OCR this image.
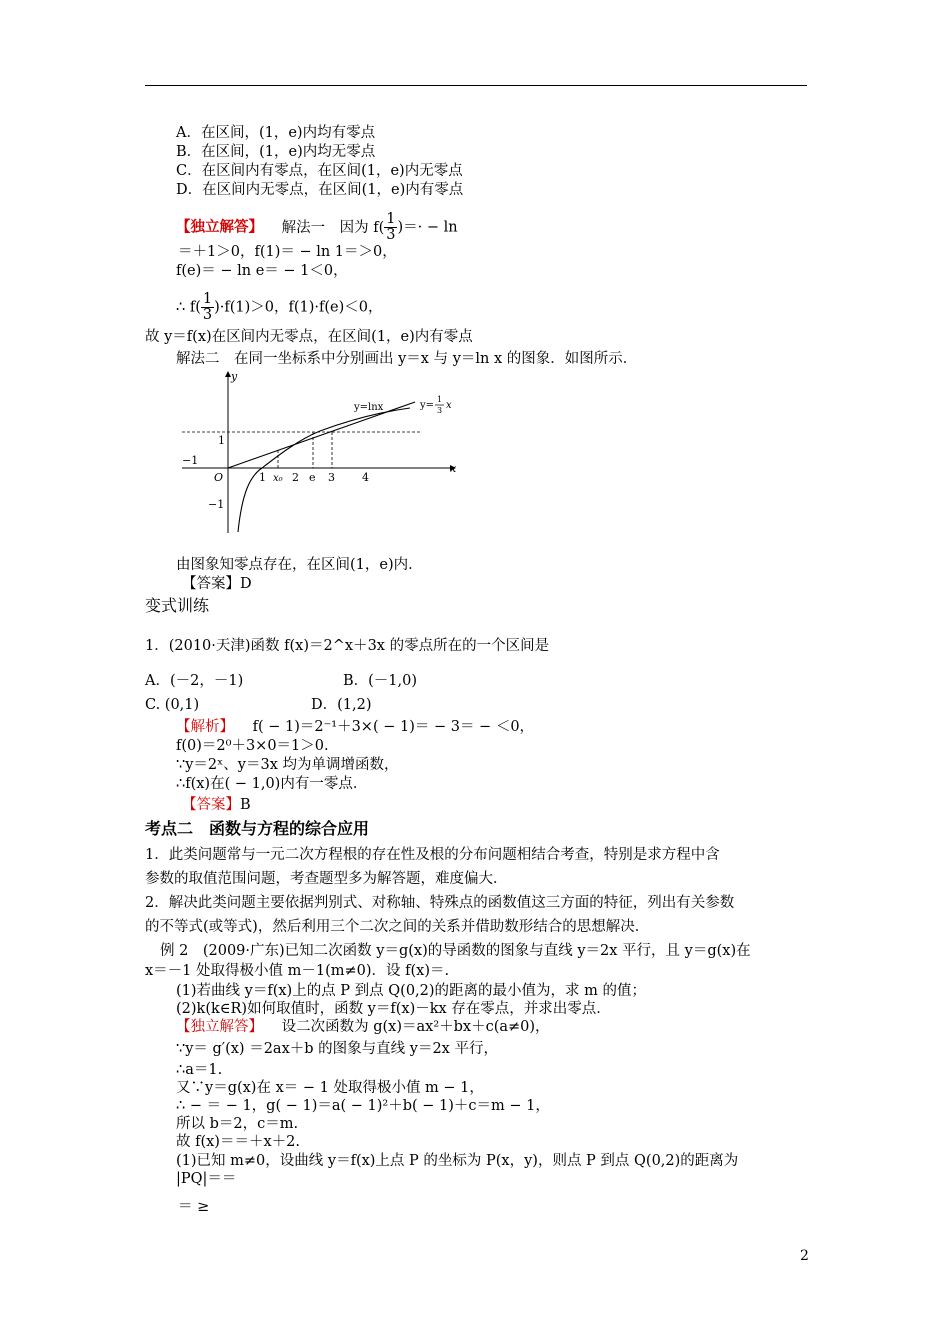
A．在区间，(1，e)内均有零点
B．在区间，(1，e)内均无零点
C．在区间内有零点，在区间(1，e)内无零点
D．在区间内无零点，在区间(1，e)内有零点
【独立解答】 解法一　因为 $f( \frac{1}{3}$ )＝· − ln
＝＋1＞0，f(1)＝ − ln 1＝＞0，
f(e)＝ − ln e＝ − 1＜0，
∴ $f( \frac{1}{3} )\cdot f(1)>0$，f(1)·f(e)＜0，
故 y＝f(x)在区间内无零点，在区间(1，e)内有零点
解法二　在同一坐标系中分别画出 y＝x 与 y＝ln x 的图象．如图所示．
y
x
O
1
−1
−1
1 x₀ 2 e 3 4
y=lnx	y=
1
3 x
由图象知零点存在，在区间(1，e)内．
【答案】D
变式训练
1．(2010·天津)函数 f(x)＝2^x＋3x 的零点所在的一个区间是
A．(－2，－1)	B．(－1,0)
C. (0,1)	D．(1,2)
【解析】 f( − 1)＝2⁻¹＋3×( − 1)＝ − 3＝ − ＜0，
f(0)＝2⁰＋3×0＝1＞0.
∵y＝2ˣ、y＝3x 均为单调增函数，
∴f(x)在( − 1,0)内有一零点．
【答案】B
考点二　函数与方程的综合应用
1．此类问题常与一元二次方程根的存在性及根的分布问题相结合考查，特别是求方程中含
参数的取值范围问题，考查题型多为解答题，难度偏大．
2．解决此类问题主要依据判别式、对称轴、特殊点的函数值这三方面的特征，列出有关参数
的不等式(或等式)，然后利用三个二次之间的关系并借助数形结合的思想解决．
例 2　(2009·广东)已知二次函数 y＝g(x)的导函数的图象与直线 y＝2x 平行，且 y＝g(x)在
x＝－1 处取得极小值 m－1(m≠0)．设 f(x)＝.
(1)若曲线 y＝f(x)上的点 P 到点 Q(0,2)的距离的最小值为，求 m 的值；
(2)k(k∈R)如何取值时，函数 y＝f(x)－kx 存在零点，并求出零点．
【独立解答】 设二次函数为 g(x)＝ax²＋bx＋c(a≠0)，
∵y＝ g′(x) ＝2ax＋b 的图象与直线 y＝2x 平行，
∴a＝1.
又∵y＝g(x)在 x＝ − 1 处取得极小值 m − 1，
∴ − ＝ − 1，g( − 1)＝a( − 1)²＋b( − 1)＋c＝m − 1，
所以 b＝2，c＝m.
故 f(x)＝＝＋x＋2.
(1)已知 m≠0，设曲线 y＝f(x)上点 P 的坐标为 P(x，y)，则点 P 到点 Q(0,2)的距离为
|PQ|＝＝
＝ ≥
2
